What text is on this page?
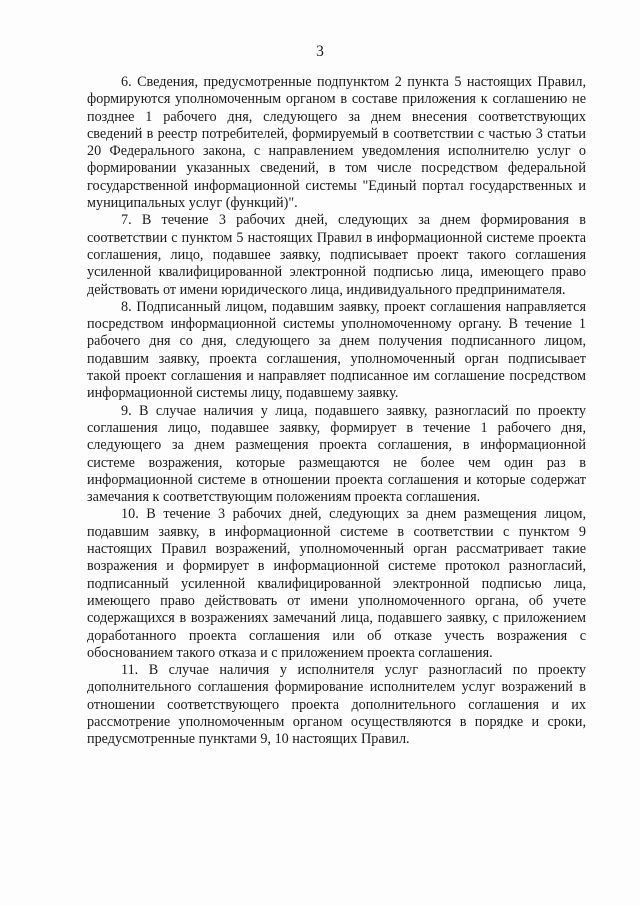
3

6. Сведения, предусмотренные подпунктом 2 пункта 5 настоящих Правил, формируются уполномоченным органом в составе приложения к соглашению не позднее 1 рабочего дня, следующего за днем внесения соответствующих сведений в реестр потребителей, формируемый в соответствии с частью 3 статьи 20 Федерального закона, с направлением уведомления исполнителю услуг о формировании указанных сведений, в том числе посредством федеральной государственной информационной системы "Единый портал государственных и муниципальных услуг (функций)".

7. В течение 3 рабочих дней, следующих за днем формирования в соответствии с пунктом 5 настоящих Правил в информационной системе проекта соглашения, лицо, подавшее заявку, подписывает проект такого соглашения усиленной квалифицированной электронной подписью лица, имеющего право действовать от имени юридического лица, индивидуального предпринимателя.

8. Подписанный лицом, подавшим заявку, проект соглашения направляется посредством информационной системы уполномоченному органу. В течение 1 рабочего дня со дня, следующего за днем получения подписанного лицом, подавшим заявку, проекта соглашения, уполномоченный орган подписывает такой проект соглашения и направляет подписанное им соглашение посредством информационной системы лицу, подавшему заявку.

9. В случае наличия у лица, подавшего заявку, разногласий по проекту соглашения лицо, подавшее заявку, формирует в течение 1 рабочего дня, следующего за днем размещения проекта соглашения, в информационной системе возражения, которые размещаются не более чем один раз в информационной системе в отношении проекта соглашения и которые содержат замечания к соответствующим положениям проекта соглашения.

10. В течение 3 рабочих дней, следующих за днем размещения лицом, подавшим заявку, в информационной системе в соответствии с пунктом 9 настоящих Правил возражений, уполномоченный орган рассматривает такие возражения и формирует в информационной системе протокол разногласий, подписанный усиленной квалифицированной электронной подписью лица, имеющего право действовать от имени уполномоченного органа, об учете содержащихся в возражениях замечаний лица, подавшего заявку, с приложением доработанного проекта соглашения или об отказе учесть возражения с обоснованием такого отказа и с приложением проекта соглашения.

11. В случае наличия у исполнителя услуг разногласий по проекту дополнительного соглашения формирование исполнителем услуг возражений в отношении соответствующего проекта дополнительного соглашения и их рассмотрение уполномоченным органом осуществляются в порядке и сроки, предусмотренные пунктами 9, 10 настоящих Правил.
